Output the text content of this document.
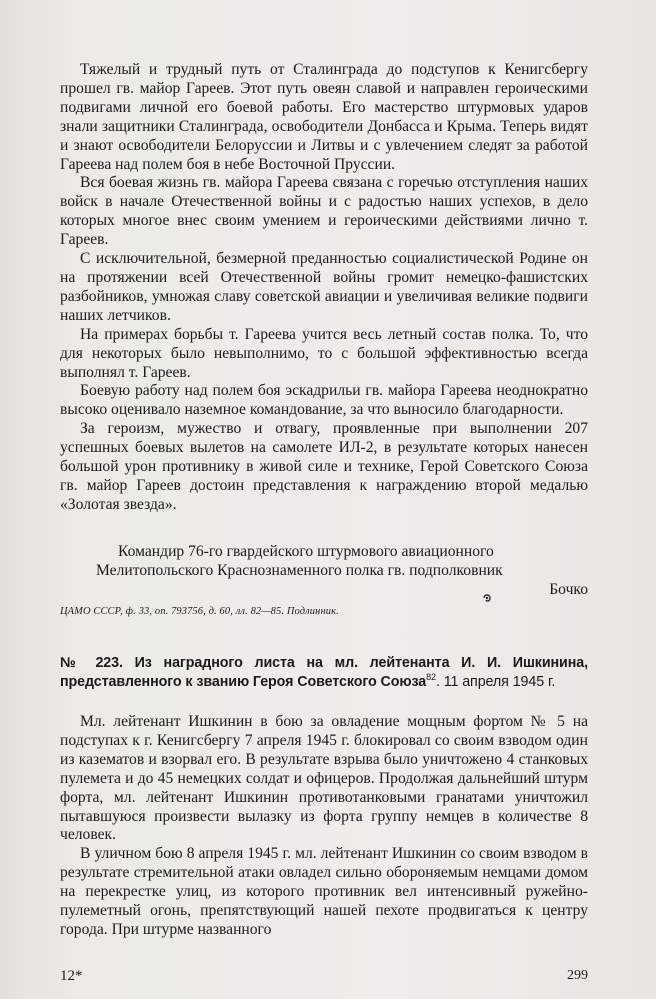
Тяжелый и трудный путь от Сталинграда до подступов к Кенигсбергу прошел гв. майор Гареев. Этот путь овеян славой и направлен героическими подвигами личной его боевой работы. Его мастерство штурмовых ударов знали защитники Сталинграда, освободители Донбасса и Крыма. Теперь видят и знают освободители Белоруссии и Литвы и с увлечением следят за работой Гареева над полем боя в небе Восточной Пруссии.

Вся боевая жизнь гв. майора Гареева связана с горечью отступления наших войск в начале Отечественной войны и с радостью наших успехов, в дело которых многое внес своим умением и героическими действиями лично т. Гареев.

С исключительной, безмерной преданностью социалистической Родине он на протяжении всей Отечественной войны громит немецко-фашистских разбойников, умножая славу советской авиации и увеличивая великие подвиги наших летчиков.

На примерах борьбы т. Гареева учится весь летный состав полка. То, что для некоторых было невыполнимо, то с большой эффективностью всегда выполнял т. Гареев.

Боевую работу над полем боя эскадрильи гв. майора Гареева неоднократно высоко оценивало наземное командование, за что выносило благодарности.

За героизм, мужество и отвагу, проявленные при выполнении 207 успешных боевых вылетов на самолете ИЛ-2, в результате которых нанесен большой урон противнику в живой силе и технике, Герой Советского Союза гв. майор Гареев достоин представления к награждению второй медалью «Золотая звезда».

Командир 76-го гвардейского штурмового авиационного

Мелитопольского Краснознаменного полка гв. подполковник

Бочко

ЦАМО СССР, ф. 33, оп. 793756, д. 60, лл. 82—85. Подлинник.

№ 223. Из наградного листа на мл. лейтенанта И. И. Ишкинина, представленного к званию Героя Советского Союза$^{82}$. 11 апреля 1945 г.

Мл. лейтенант Ишкинин в бою за овладение мощным фортом № 5 на подступах к г. Кенигсбергу 7 апреля 1945 г. блокировал со своим взводом один из казематов и взорвал его. В результате взрыва было уничтожено 4 станковых пулемета и до 45 немецких солдат и офицеров. Продолжая дальнейший штурм форта, мл. лейтенант Ишкинин противотанковыми гранатами уничтожил пытавшуюся произвести вылазку из форта группу немцев в количестве 8 человек.

В уличном бою 8 апреля 1945 г. мл. лейтенант Ишкинин со своим взводом в результате стремительной атаки овладел сильно обороняемым немцами домом на перекрестке улиц, из которого противник вел интенсивный ружейно-пулеметный огонь, препятствующий нашей пехоте продвигаться к центру города. При штурме названного

12*	299
